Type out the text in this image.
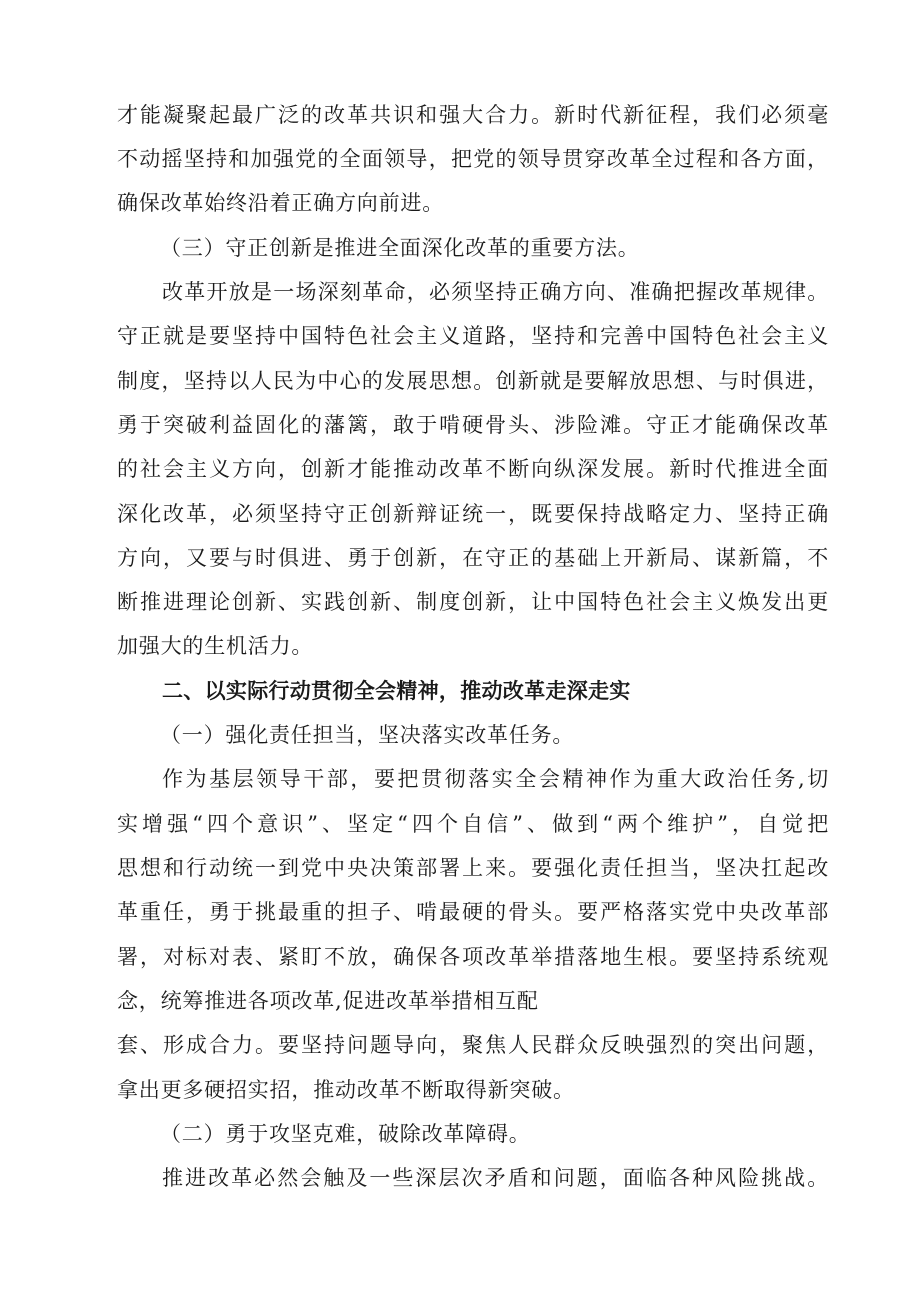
才能凝聚起最广泛的改革共识和强大合力。新时代新征程，我们必须毫
不动摇坚持和加强党的全面领导，把党的领导贯穿改革全过程和各方面，
确保改革始终沿着正确方向前进。
（三）守正创新是推进全面深化改革的重要方法。
改革开放是一场深刻革命，必须坚持正确方向、准确把握改革规律。
守正就是要坚持中国特色社会主义道路，坚持和完善中国特色社会主义
制度，坚持以人民为中心的发展思想。创新就是要解放思想、与时俱进，
勇于突破利益固化的藩篱，敢于啃硬骨头、涉险滩。守正才能确保改革
的社会主义方向，创新才能推动改革不断向纵深发展。新时代推进全面
深化改革，必须坚持守正创新辩证统一，既要保持战略定力、坚持正确
方向，又要与时俱进、勇于创新，在守正的基础上开新局、谋新篇，不
断推进理论创新、实践创新、制度创新，让中国特色社会主义焕发出更
加强大的生机活力。
二、以实际行动贯彻全会精神，推动改革走深走实
（一）强化责任担当，坚决落实改革任务。
作为基层领导干部，要把贯彻落实全会精神作为重大政治任务,切
实增强“四个意识”、坚定“四个自信”、做到“两个维护”，自觉把
思想和行动统一到党中央决策部署上来。要强化责任担当，坚决扛起改
革重任，勇于挑最重的担子、啃最硬的骨头。要严格落实党中央改革部
署，对标对表、紧盯不放，确保各项改革举措落地生根。要坚持系统观
念，统筹推进各项改革,促进改革举措相互配
套、形成合力。要坚持问题导向，聚焦人民群众反映强烈的突出问题，
拿出更多硬招实招，推动改革不断取得新突破。
（二）勇于攻坚克难，破除改革障碍。
推进改革必然会触及一些深层次矛盾和问题，面临各种风险挑战。
